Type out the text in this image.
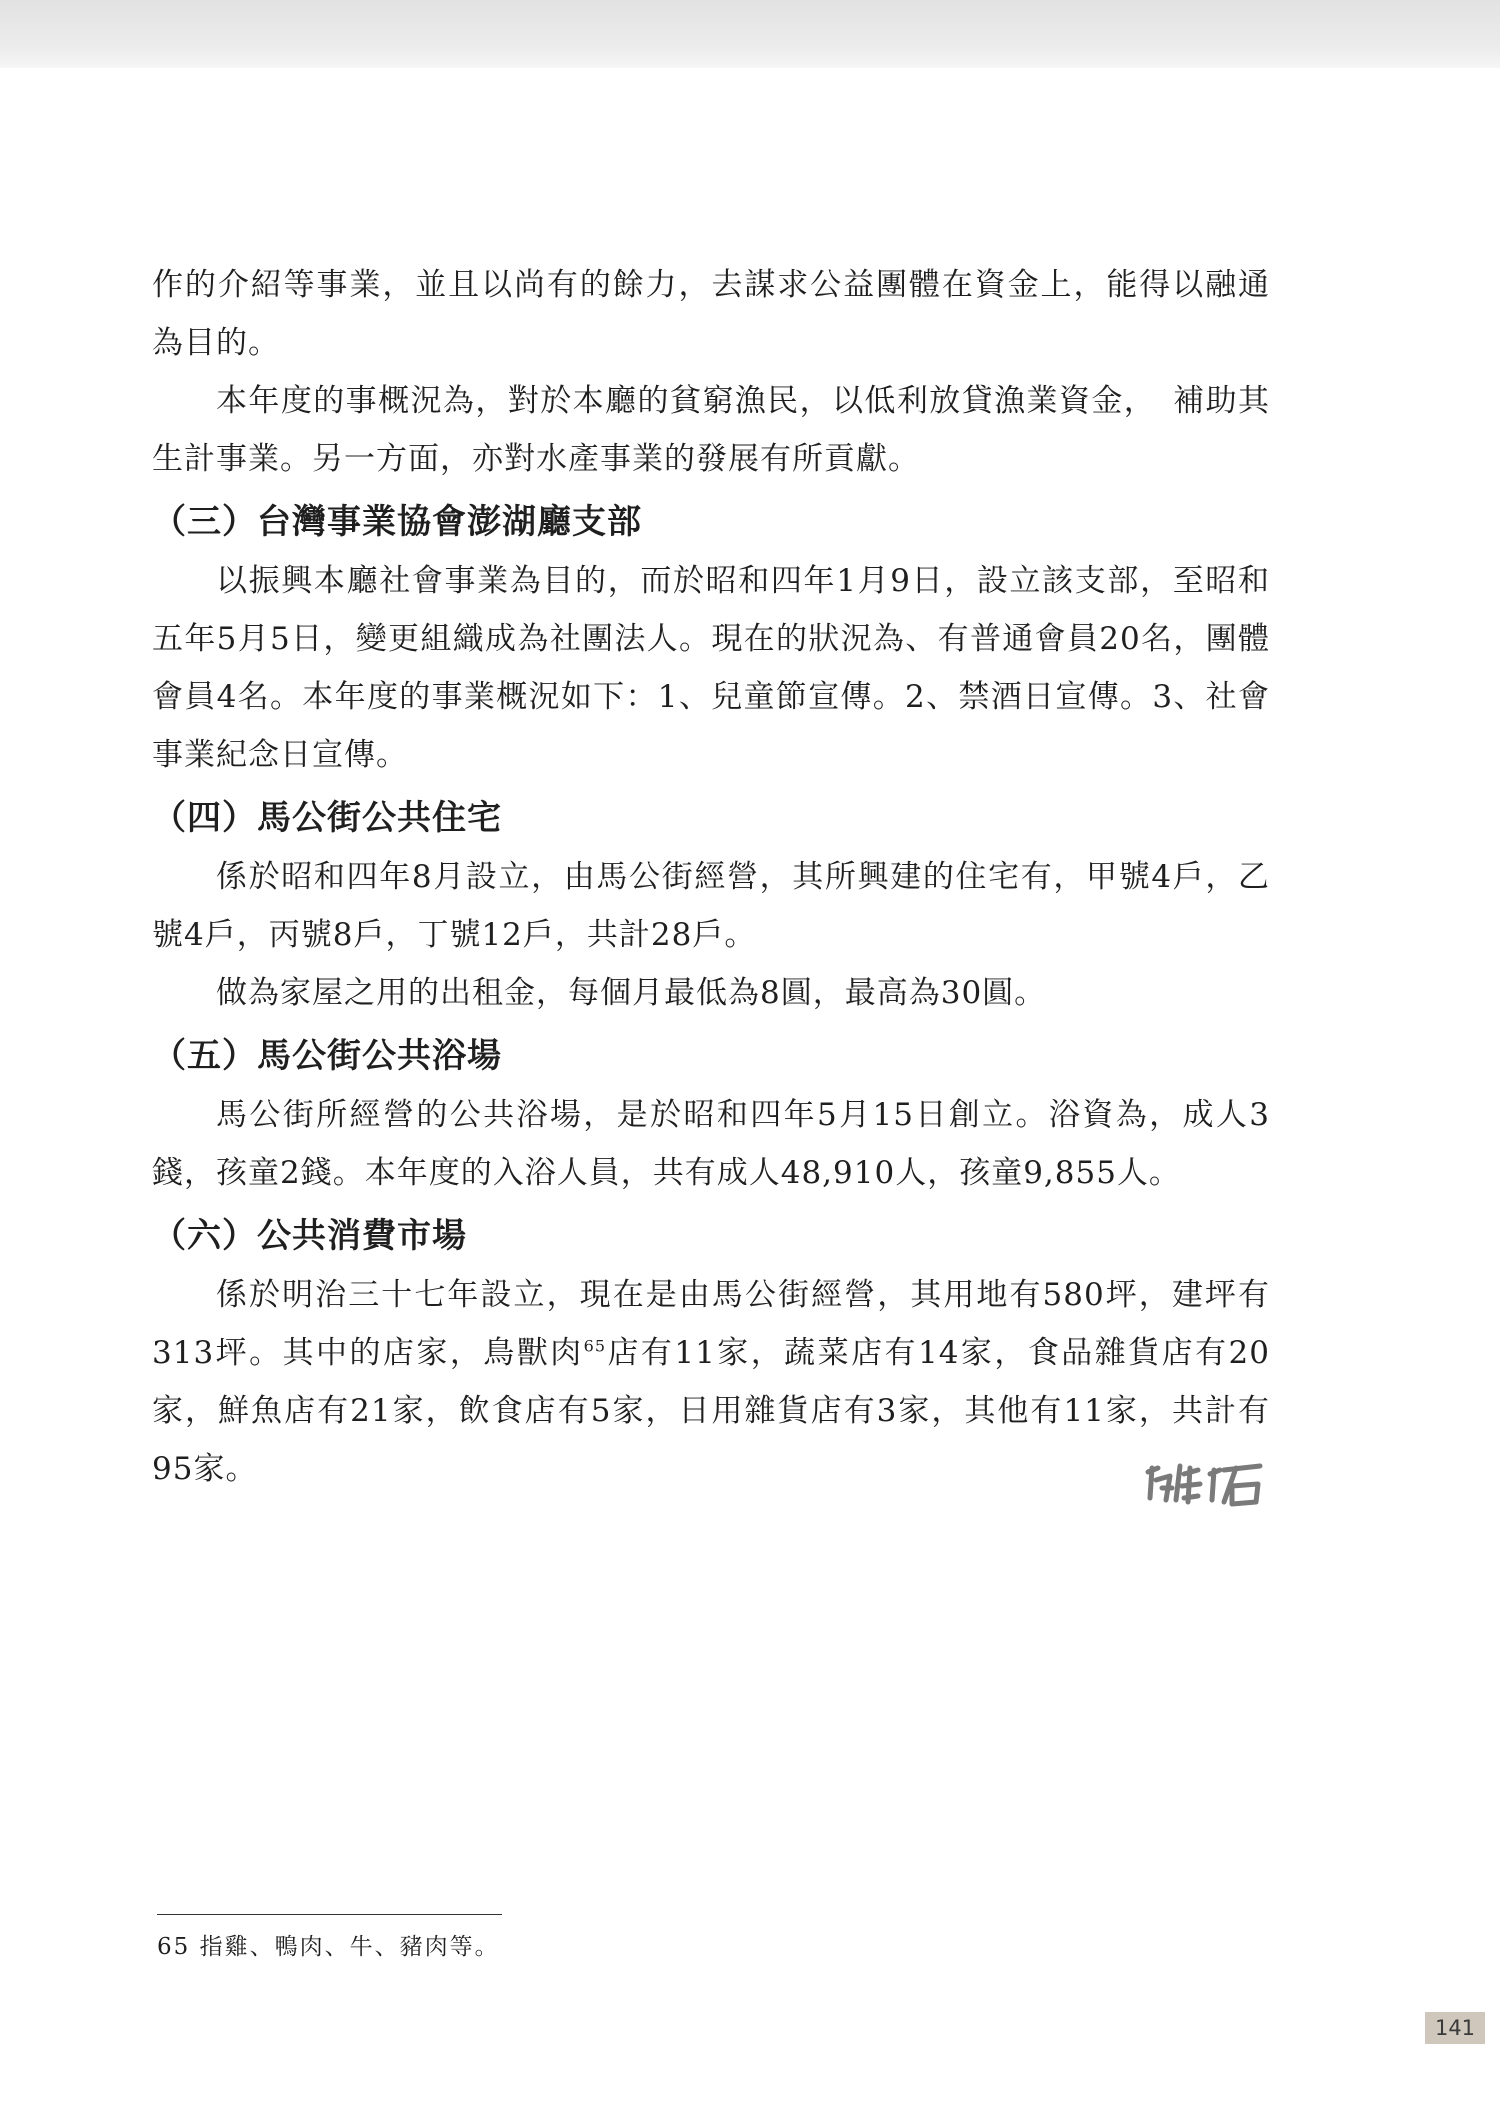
作的介紹等事業，並且以尚有的餘力，去謀求公益團體在資金上，能得以融通為目的。

本年度的事概況為，對於本廳的貧窮漁民，以低利放貸漁業資金，　補助其生計事業。另一方面，亦對水產事業的發展有所貢獻。

（三）台灣事業協會澎湖廳支部

以振興本廳社會事業為目的，而於昭和四年1月9日，設立該支部，至昭和五年5月5日，變更組織成為社團法人。現在的狀況為、有普通會員20名，團體會員4名。本年度的事業概況如下：1、兒童節宣傳。2、禁酒日宣傳。3、社會事業紀念日宣傳。

（四）馬公街公共住宅

係於昭和四年8月設立，由馬公街經營，其所興建的住宅有，甲號4戶，乙號4戶，丙號8戶，丁號12戶，共計28戶。

做為家屋之用的出租金，每個月最低為8圓，最高為30圓。

（五）馬公街公共浴場

馬公街所經營的公共浴場，是於昭和四年5月15日創立。浴資為，成人3錢，孩童2錢。本年度的入浴人員，共有成人48,910人，孩童9,855人。

（六）公共消費市場

係於明治三十七年設立，現在是由馬公街經營，其用地有580坪，建坪有313坪。其中的店家，鳥獸肉$^{65}$店有11家，蔬菜店有14家，食品雜貨店有20家，鮮魚店有21家，飲食店有5家，日用雜貨店有3家，其他有11家，共計有95家。

65 指雞、鴨肉、牛、豬肉等。
141
